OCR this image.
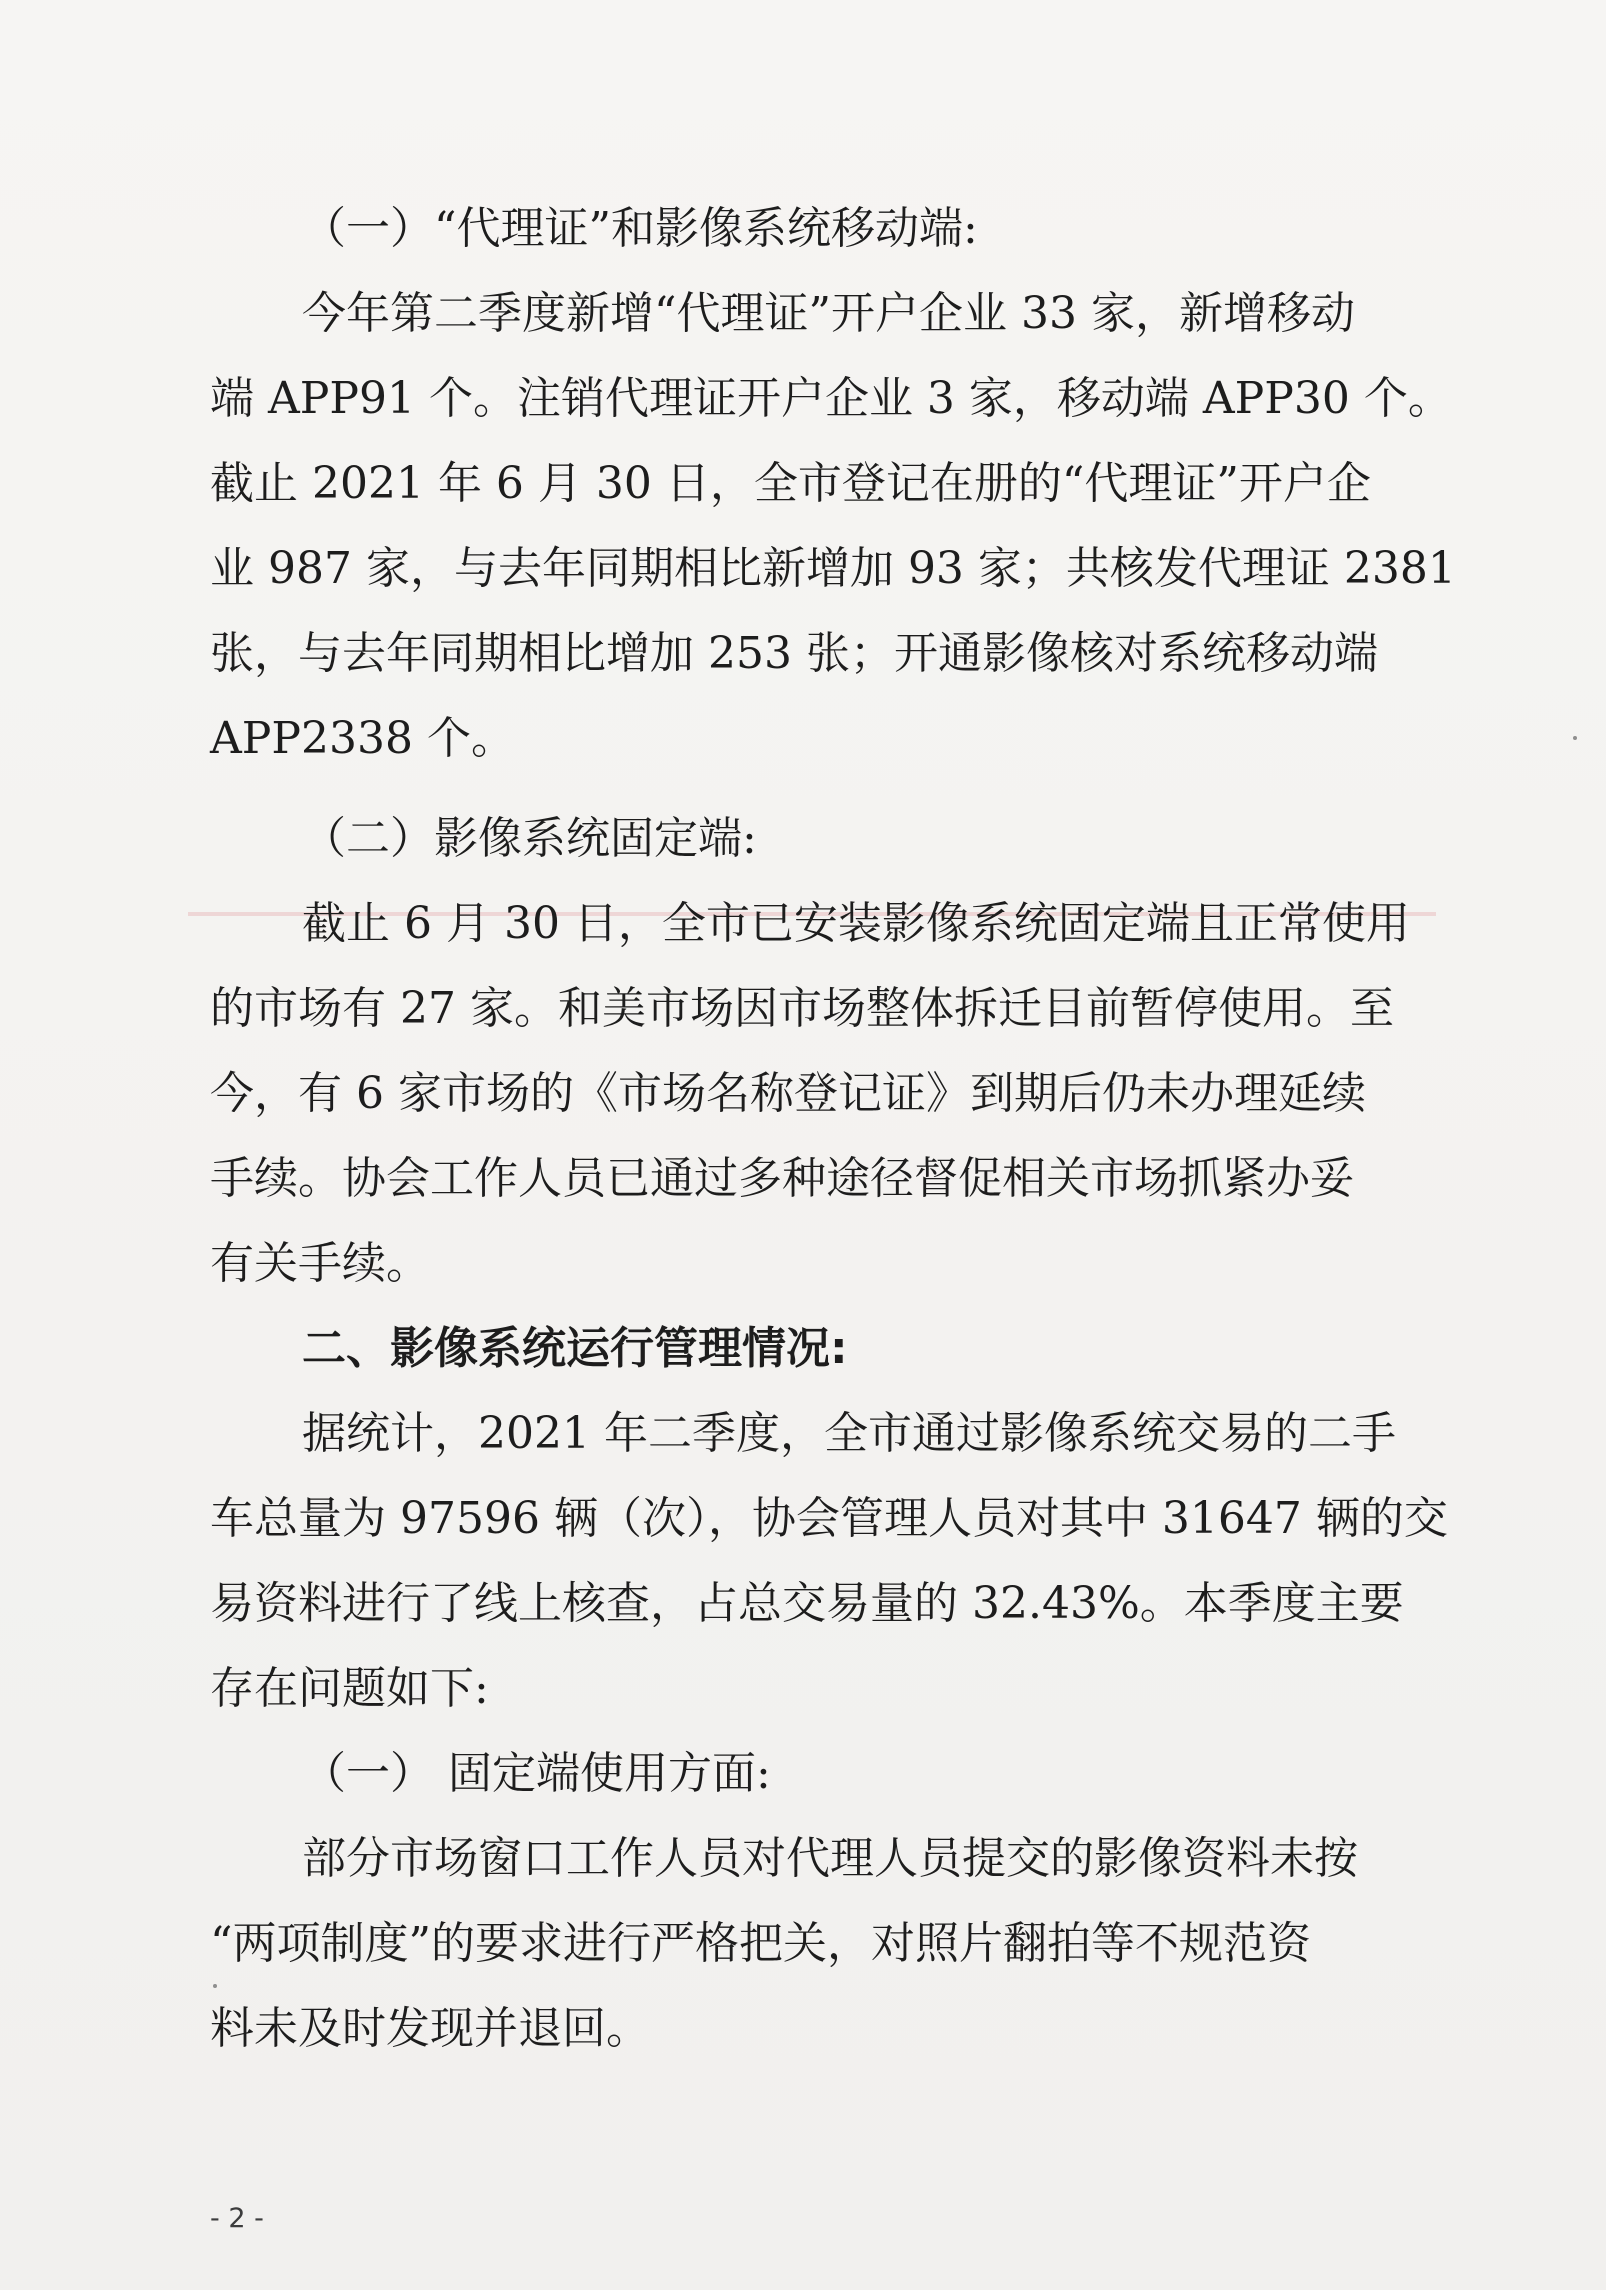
（一）“代理证”和影像系统移动端:
今年第二季度新增“代理证”开户企业 33 家，新增移动
端 APP91 个。注销代理证开户企业 3 家，移动端 APP30 个。
截止 2021 年 6 月 30 日，全市登记在册的“代理证”开户企
业 987 家，与去年同期相比新增加 93 家；共核发代理证 2381
张，与去年同期相比增加 253 张；开通影像核对系统移动端
APP2338 个。
（二）影像系统固定端:
截止 6 月 30 日，全市已安装影像系统固定端且正常使用
的市场有 27 家。和美市场因市场整体拆迁目前暂停使用。至
今，有 6 家市场的《市场名称登记证》到期后仍未办理延续
手续。协会工作人员已通过多种途径督促相关市场抓紧办妥
有关手续。
二、影像系统运行管理情况:
据统计，2021 年二季度，全市通过影像系统交易的二手
车总量为 97596 辆（次），协会管理人员对其中 31647 辆的交
易资料进行了线上核查，占总交易量的 32.43%。本季度主要
存在问题如下:
（一） 固定端使用方面:
部分市场窗口工作人员对代理人员提交的影像资料未按
“两项制度”的要求进行严格把关，对照片翻拍等不规范资
料未及时发现并退回。
- 2 -
